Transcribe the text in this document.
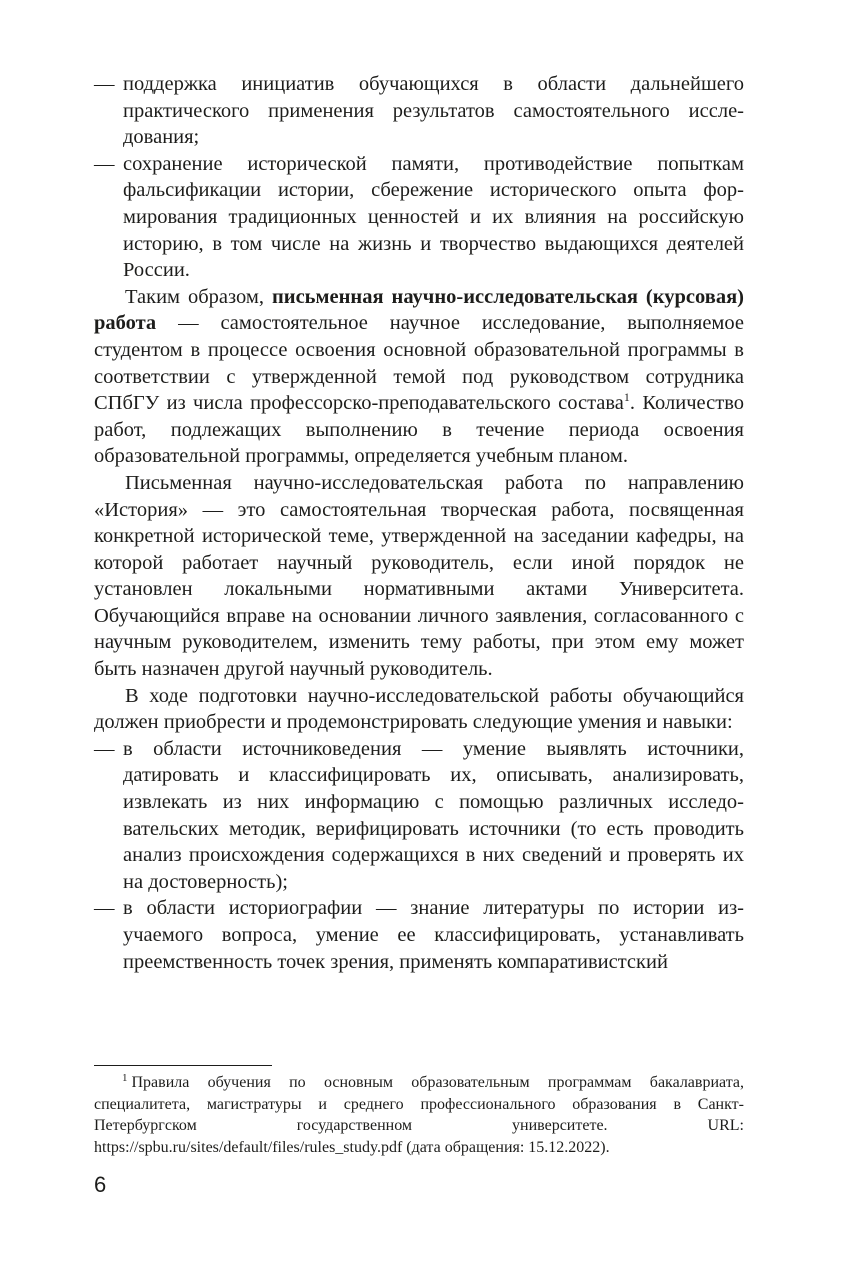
— поддержка инициатив обучающихся в области дальнейшего практического применения результатов самостоятельного исследования;

— сохранение исторической памяти, противодействие попыткам фальсификации истории, сбережение исторического опыта формирования традиционных ценностей и их влияния на российскую историю, в том числе на жизнь и творчество выдающихся деятелей России.

Таким образом, письменная научно-исследовательская (курсовая) работа — самостоятельное научное исследование, выполняемое студентом в процессе освоения основной образовательной программы в соответствии с утвержденной темой под руководством сотрудника СПбГУ из числа профессорско-преподавательского состава$^1$. Количество работ, подлежащих выполнению в течение периода освоения образовательной программы, определяется учебным планом.

Письменная научно-исследовательская работа по направлению «История» — это самостоятельная творческая работа, посвященная конкретной исторической теме, утвержденной на заседании кафедры, на которой работает научный руководитель, если иной порядок не установлен локальными нормативными актами Университета. Обучающийся вправе на основании личного заявления, согласованного с научным руководителем, изменить тему работы, при этом ему может быть назначен другой научный руководитель.

В ходе подготовки научно-исследовательской работы обучающийся должен приобрести и продемонстрировать следующие умения и навыки:

— в области источниковедения — умение выявлять источники, датировать и классифицировать их, описывать, анализировать, извлекать из них информацию с помощью различных исследовательских методик, верифицировать источники (то есть проводить анализ происхождения содержащихся в них сведений и проверять их на достоверность);

— в области историографии — знание литературы по истории изучаемого вопроса, умение ее классифицировать, устанавливать преемственность точек зрения, применять компаративистский

$^1$ Правила обучения по основным образовательным программам бакалавриата, специалитета, магистратуры и среднего профессионального образования в Санкт-Петербургском государственном университете. URL: https://spbu.ru/sites/default/files/rules_study.pdf (дата обращения: 15.12.2022).
6
